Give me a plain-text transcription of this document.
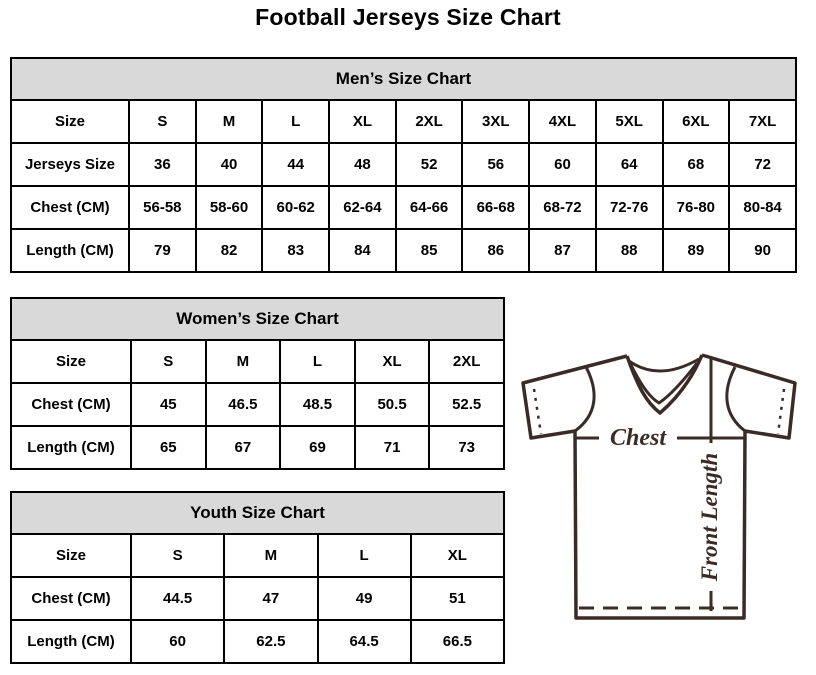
Football Jerseys Size Chart
Men’s Size Chart										
Size	S	M	L	XL	2XL	3XL	4XL	5XL	6XL	7XL
Jerseys Size	36	40	44	48	52	56	60	64	68	72
Chest (CM)	56-58	58-60	60-62	62-64	64-66	66-68	68-72	72-76	76-80	80-84
Length (CM)	79	82	83	84	85	86	87	88	89	90
Women’s Size Chart					
Size	S	M	L	XL	2XL
Chest (CM)	45	46.5	48.5	50.5	52.5
Length (CM)	65	67	69	71	73
Youth Size Chart				
Size	S	M	L	XL
Chest (CM)	44.5	47	49	51
Length (CM)	60	62.5	64.5	66.5
Chest
Front Length
